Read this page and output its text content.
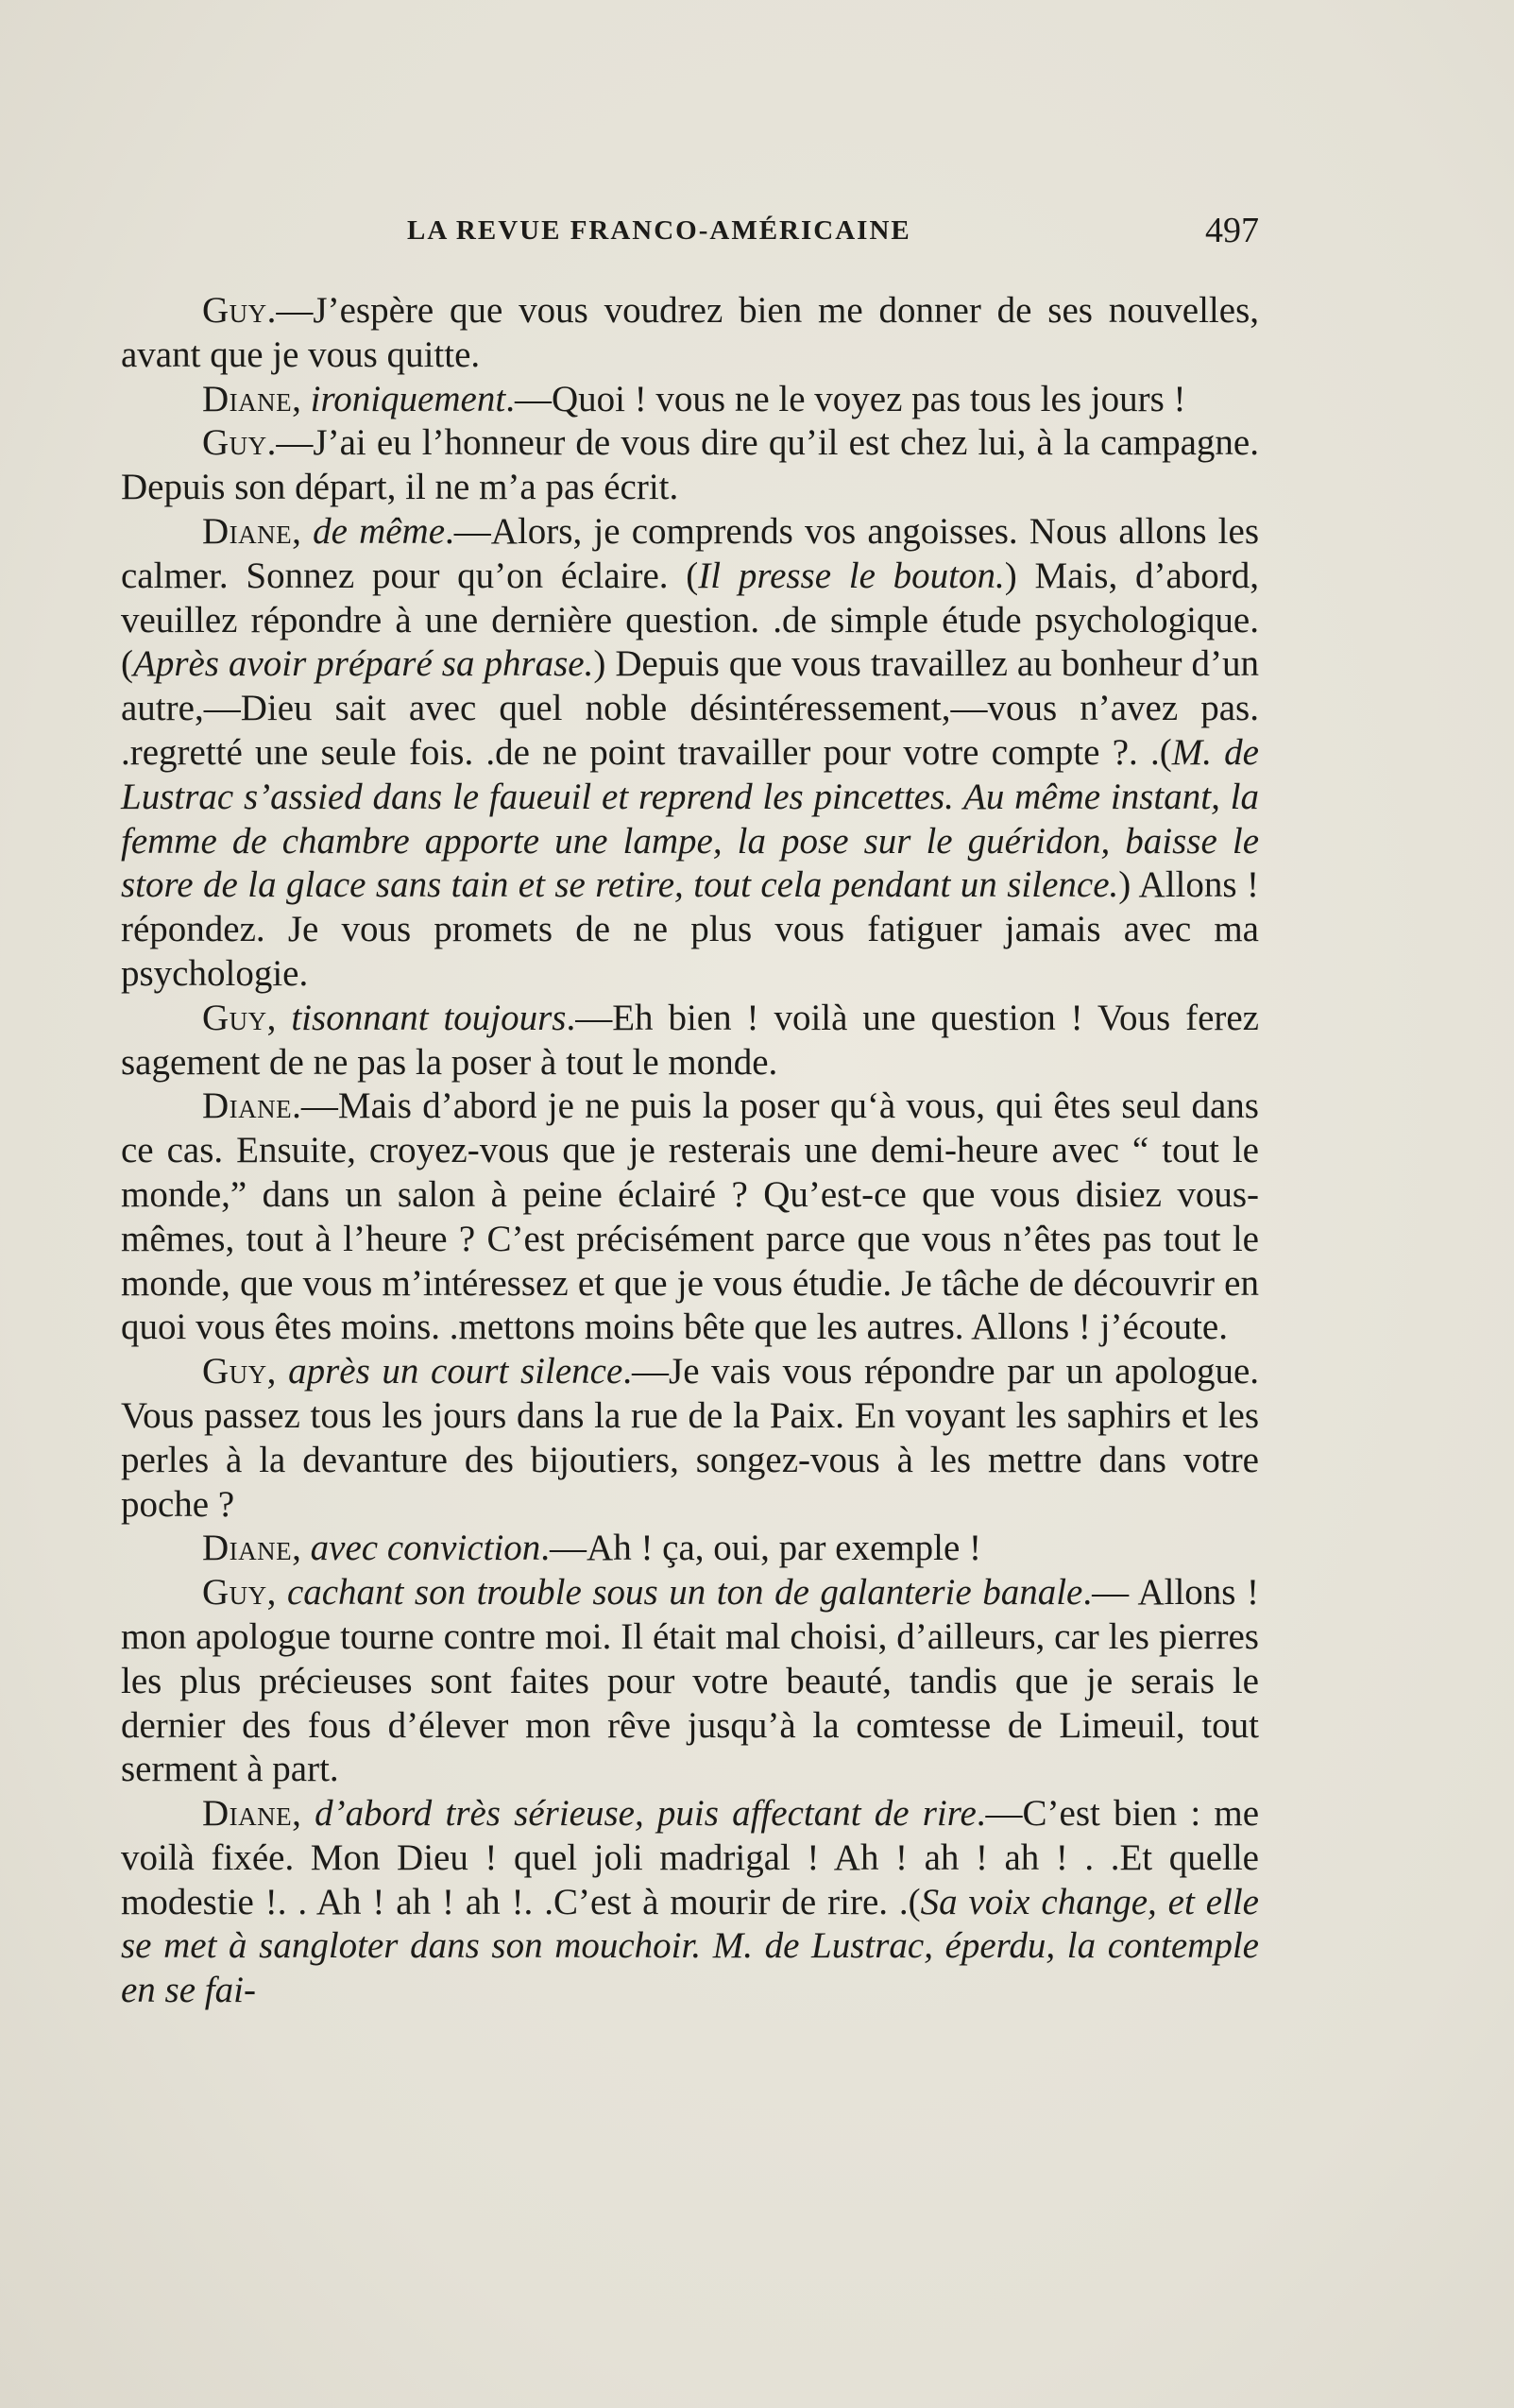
LA REVUE FRANCO-AMÉRICAINE	497

Guy.—J’espère que vous voudrez bien me donner de ses nouvelles, avant que je vous quitte.

Diane, ironiquement.—Quoi ! vous ne le voyez pas tous les jours !

Guy.—J’ai eu l’honneur de vous dire qu’il est chez lui, à la campagne. Depuis son départ, il ne m’a pas écrit.

Diane, de même.—Alors, je comprends vos angoisses. Nous allons les calmer. Sonnez pour qu’on éclaire. (Il presse le bouton.) Mais, d’abord, veuillez répondre à une dernière question. .de simple étude psychologique. (Après avoir préparé sa phrase.) Depuis que vous travaillez au bonheur d’un autre,—Dieu sait avec quel noble désintéressement,—vous n’avez pas. .regretté une seule fois. .de ne point travailler pour votre compte ?. .(M. de Lustrac s’assied dans le faueuil et reprend les pincettes. Au même instant, la femme de chambre apporte une lampe, la pose sur le guéridon, baisse le store de la glace sans tain et se retire, tout cela pendant un silence.) Allons ! répondez. Je vous promets de ne plus vous fatiguer jamais avec ma psychologie.

Guy, tisonnant toujours.—Eh bien ! voilà une question ! Vous ferez sagement de ne pas la poser à tout le monde.

Diane.—Mais d’abord je ne puis la poser qu‘à vous, qui êtes seul dans ce cas. Ensuite, croyez-vous que je resterais une demi-heure avec “ tout le monde,” dans un salon à peine éclairé ? Qu’est-ce que vous disiez vous-mêmes, tout à l’heure ? C’est précisément parce que vous n’êtes pas tout le monde, que vous m’intéressez et que je vous étudie. Je tâche de découvrir en quoi vous êtes moins. .mettons moins bête que les autres. Allons ! j’écoute.

Guy, après un court silence.—Je vais vous répondre par un apologue. Vous passez tous les jours dans la rue de la Paix. En voyant les saphirs et les perles à la devanture des bijoutiers, songez-vous à les mettre dans votre poche ?

Diane, avec conviction.—Ah ! ça, oui, par exemple !

Guy, cachant son trouble sous un ton de galanterie banale.— Allons ! mon apologue tourne contre moi. Il était mal choisi, d’ailleurs, car les pierres les plus précieuses sont faites pour votre beauté, tandis que je serais le dernier des fous d’élever mon rêve jusqu’à la comtesse de Limeuil, tout serment à part.

Diane, d’abord très sérieuse, puis affectant de rire.—C’est bien : me voilà fixée. Mon Dieu ! quel joli madrigal ! Ah ! ah ! ah ! . .Et quelle modestie !. . Ah ! ah ! ah !. .C’est à mourir de rire. .(Sa voix change, et elle se met à sangloter dans son mouchoir. M. de Lustrac, éperdu, la contemple en se fai-
